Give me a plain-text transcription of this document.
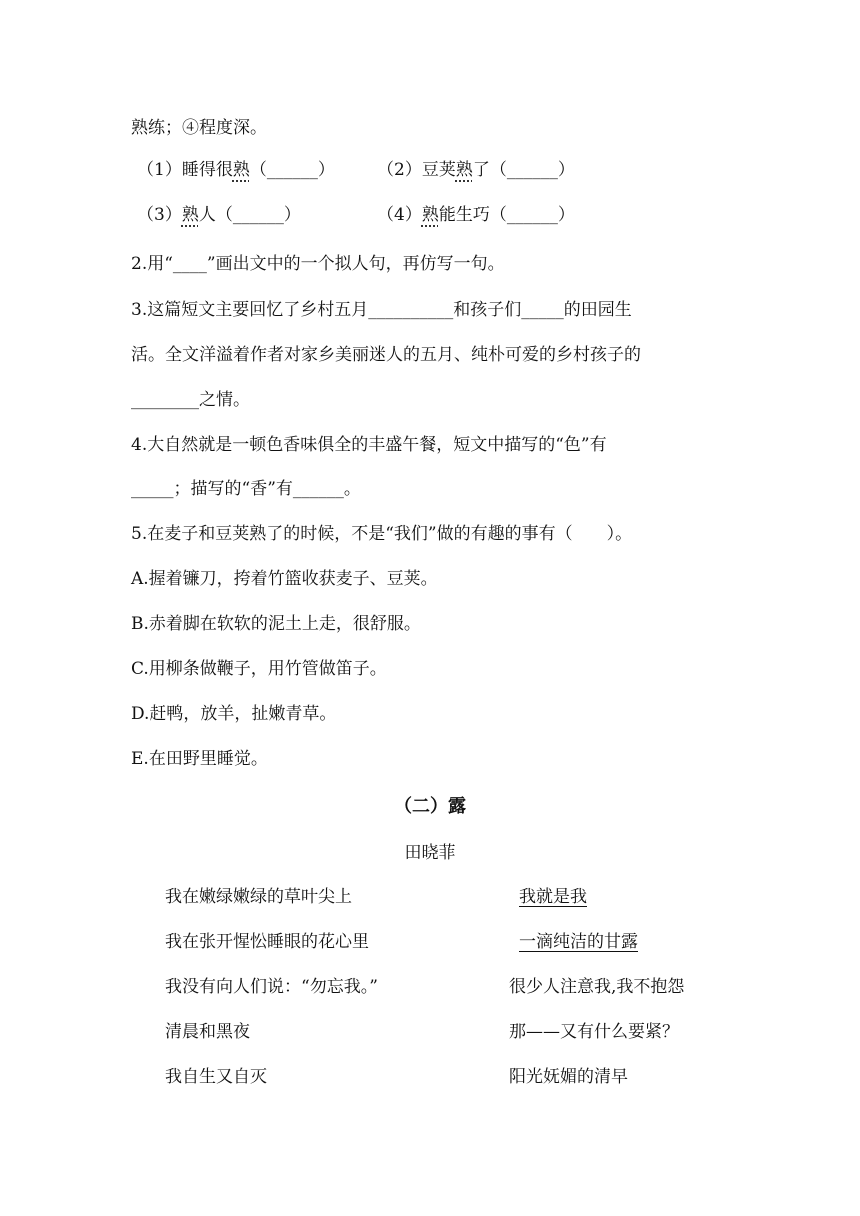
熟练；④程度深。
（1）睡得很熟（______） （2）豆荚熟了（______）
（3）熟人（______）	（4）熟能生巧（______）
2.用“____”画出文中的一个拟人句，再仿写一句。
3.这篇短文主要回忆了乡村五月__________和孩子们_____的田园生
活。全文洋溢着作者对家乡美丽迷人的五月、纯朴可爱的乡村孩子的
________之情。
4.大自然就是一顿色香味俱全的丰盛午餐，短文中描写的“色”有
_____；描写的“香”有______。
5.在麦子和豆荚熟了的时候，不是“我们”做的有趣的事有（　　）。
A.握着镰刀，挎着竹篮收获麦子、豆荚。
B.赤着脚在软软的泥土上走，很舒服。
C.用柳条做鞭子，用竹管做笛子。
D.赶鸭，放羊，扯嫩青草。
E.在田野里睡觉。
（二）露
田晓菲
我在嫩绿嫩绿的草叶尖上
我在张开惺忪睡眼的花心里
我没有向人们说：“勿忘我。”
清晨和黑夜
我自生又自灭
我就是我
一滴纯洁的甘露
很少人注意我,我不抱怨
那——又有什么要紧？
阳光妩媚的清早
